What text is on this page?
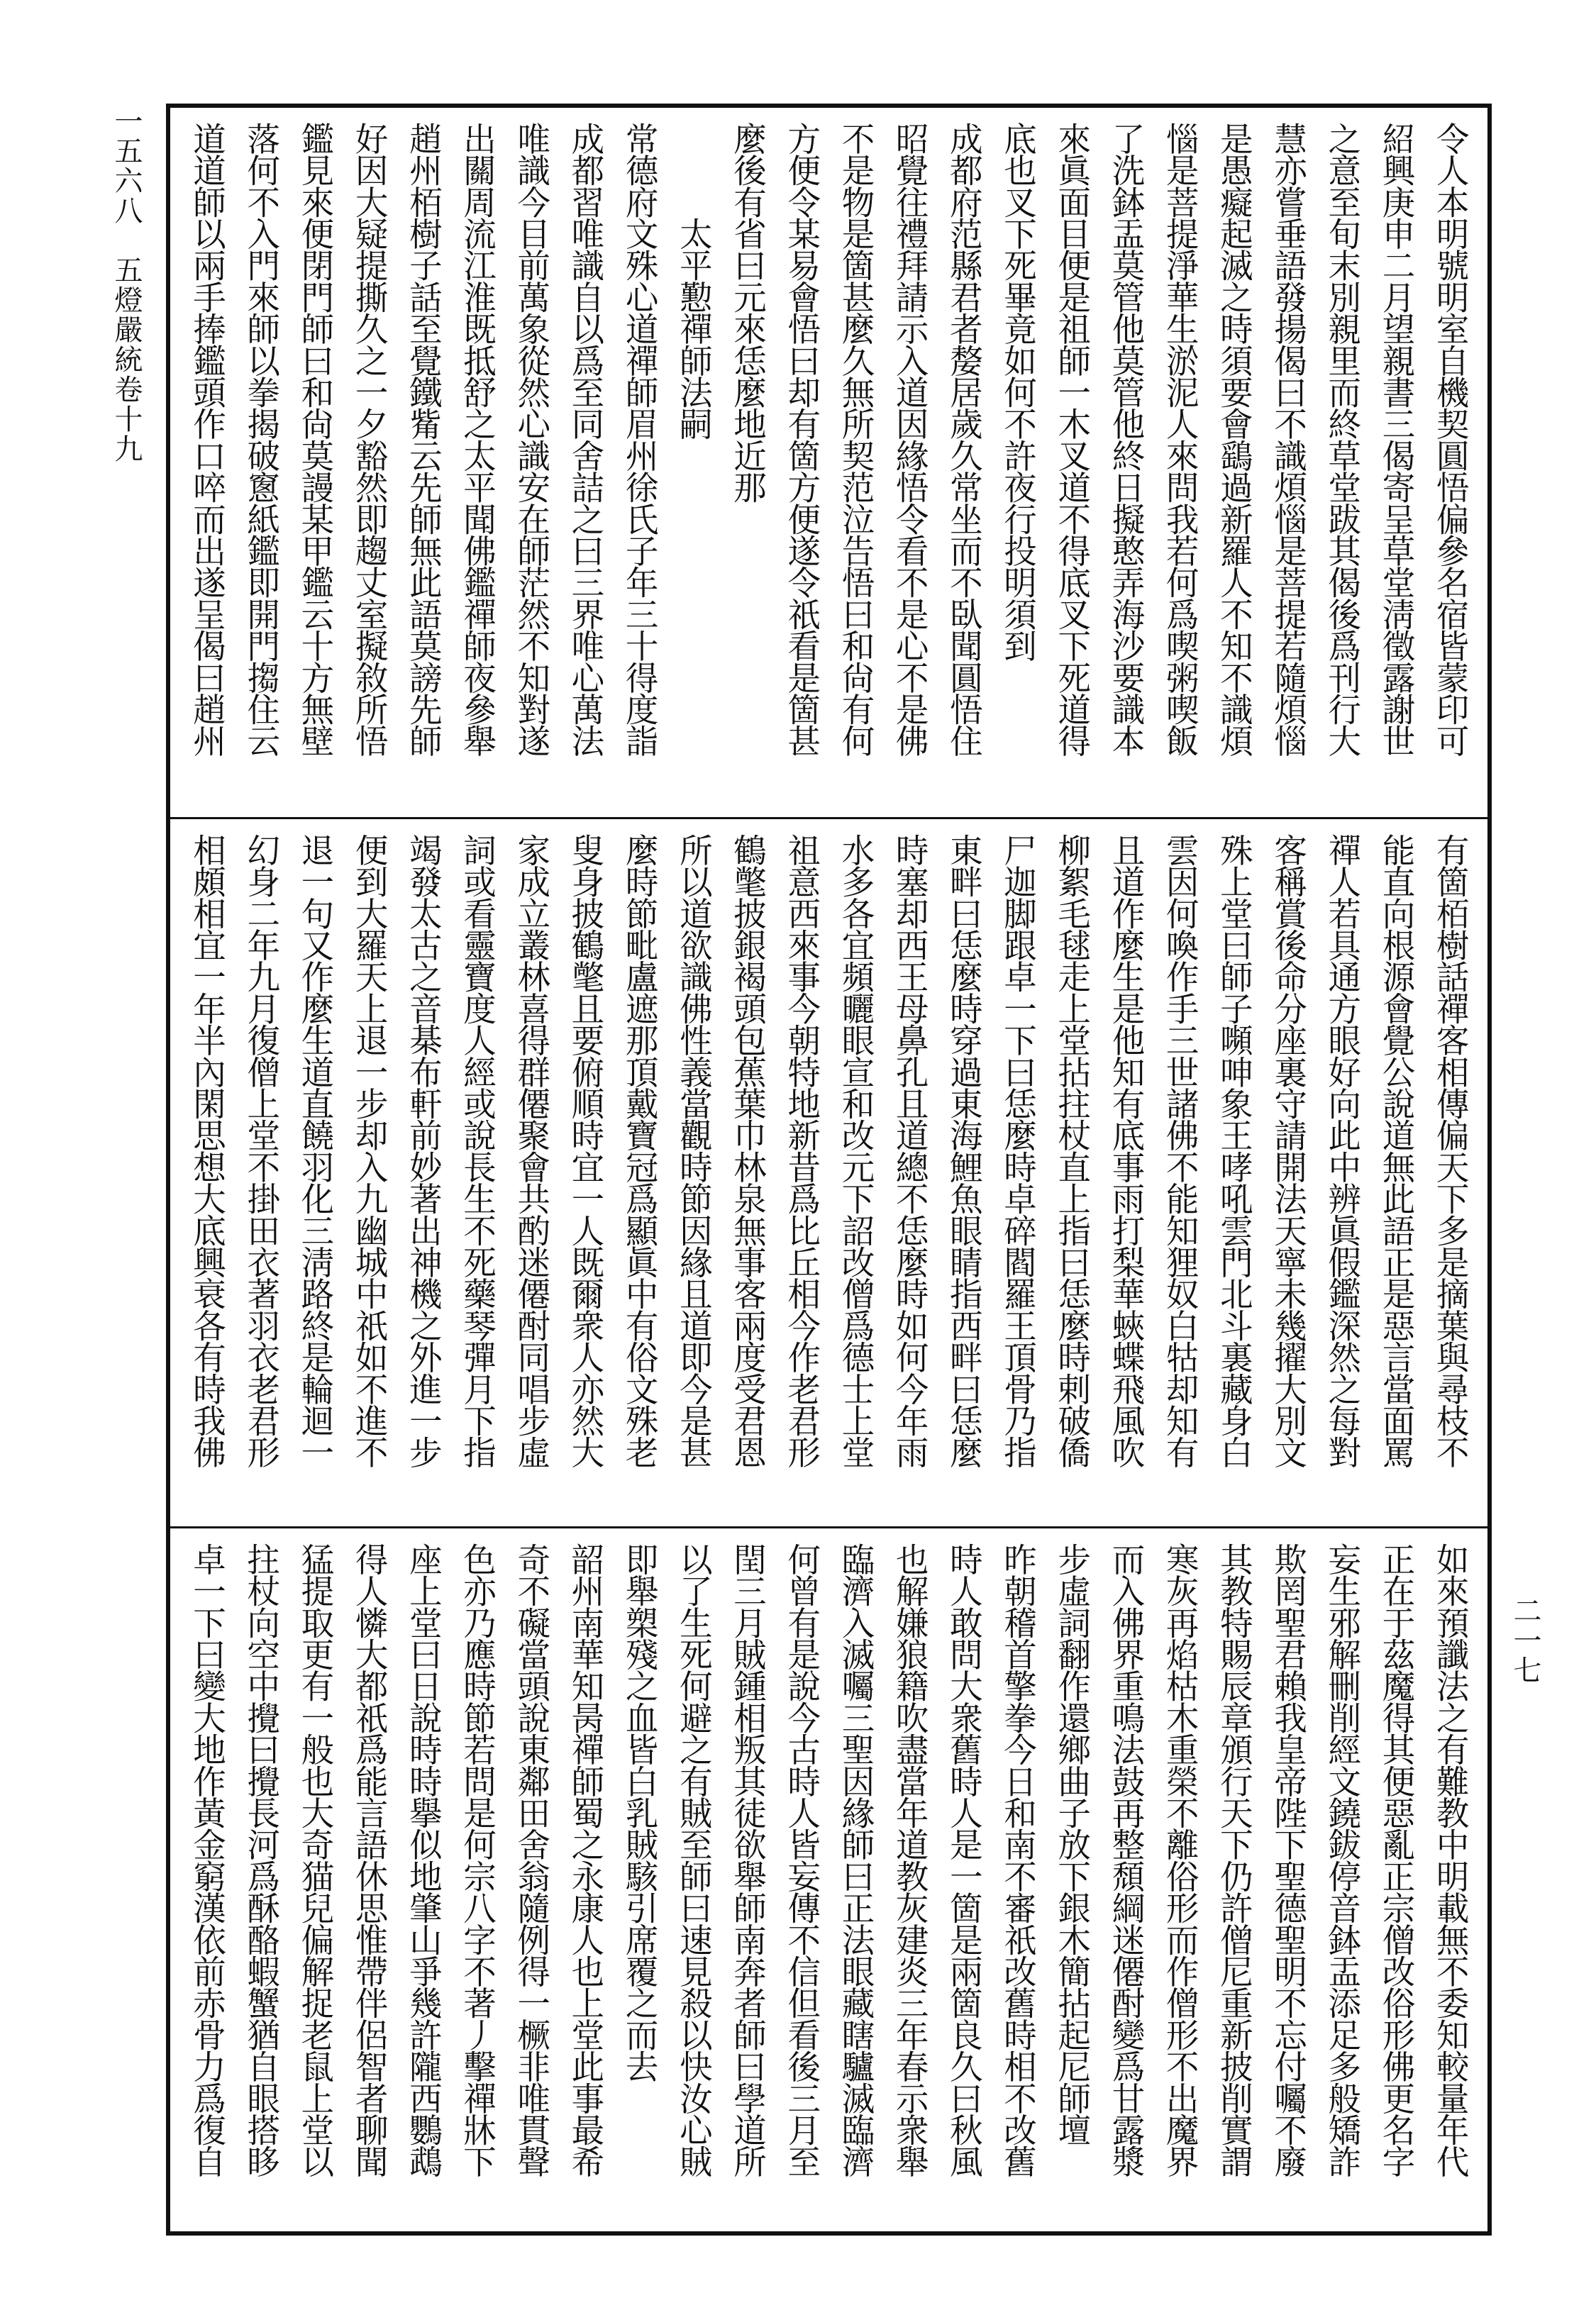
一五六八　五燈嚴統卷十九
二一七
令人本明號明室自機契圓悟偏參名宿皆蒙印可
紹興庚申二月望親書三偈寄呈草堂淸徵露謝世
之意至旬末別親里而終草堂跋其偈後爲刊行大
慧亦嘗垂語發揚偈曰不識煩惱是菩提若隨煩惱
是愚癡起滅之時須要會鷂過新羅人不知不識煩
惱是菩提淨華生淤泥人來問我若何爲喫粥喫飯
了洗鉢盂莫管他莫管他終日擬憨弄海沙要識本
來眞面目便是祖師一木叉道不得底叉下死道得
底也叉下死畢竟如何不許夜行投明須到
成都府范縣君者嫠居歲久常坐而不臥聞圓悟住
昭覺往禮拜請示入道因緣悟令看不是心不是佛
不是物是箇甚麼久無所契范泣告悟曰和尙有何
方便令某易會悟曰却有箇方便遂令祇看是箇甚
麼後有省曰元來恁麼地近那
　　　太平懃禪師法嗣
常德府文殊心道禪師眉州徐氏子年三十得度詣
成都習唯識自以爲至同舍詰之曰三界唯心萬法
唯識今目前萬象從然心識安在師茫然不知對遂
出關周流江淮既抵舒之太平聞佛鑑禪師夜參舉
趙州栢樹子話至覺鐵觜云先師無此語莫謗先師
好因大疑提撕久之一夕豁然即趨丈室擬敘所悟
鑑見來便閉門師曰和尙莫謾某甲鑑云十方無壁
落何不入門來師以拳揭破窻紙鑑即開門搊住云
道道師以兩手捧鑑頭作口啐而出遂呈偈曰趙州
有箇栢樹話禪客相傳偏天下多是摘葉與尋枝不
能直向根源會覺公說道無此語正是惡言當面罵
禪人若具通方眼好向此中辨眞假鑑深然之每對
客稱賞後命分座裏守請開法天寧未幾擢大別文
殊上堂曰師子嚬呻象王哮吼雲門北斗裏藏身白
雲因何喚作手三世諸佛不能知狸奴白牯却知有
且道作麼生是他知有底事雨打梨華蛺蝶飛風吹
柳絮毛毬走上堂拈拄杖直上指曰恁麼時剌破僑
尸迦脚跟卓一下曰恁麼時卓碎閻羅王頂骨乃指
東畔曰恁麼時穿過東海鯉魚眼睛指西畔曰恁麼
時塞却西王母鼻孔且道總不恁麼時如何今年雨
水多各宜頻曬眼宣和改元下詔改僧爲德士上堂
祖意西來事今朝特地新昔爲比丘相今作老君形
鶴氅披銀褐頭包蕉葉巾林泉無事客兩度受君恩
所以道欲識佛性義當觀時節因緣且道即今是甚
麼時節毗盧遮那頂戴寶冠爲顯眞中有俗文殊老
叟身披鶴氅且要俯順時宜一人既爾衆人亦然大
家成立叢林喜得群僊聚會共酌迷僊酎同唱步虛
詞或看靈寶度人經或說長生不死藥琴彈月下指
竭發太古之音棊布軒前妙著出神機之外進一步
便到大羅天上退一步却入九幽城中祇如不進不
退一句又作麼生道直饒羽化三淸路終是輪迴一
幻身二年九月復僧上堂不掛田衣著羽衣老君形
相頗相宜一年半內閑思想大底興衰各有時我佛
如來預讖法之有難教中明載無不委知較量年代
正在于茲魔得其便惡亂正宗僧改俗形佛更名字
妄生邪解刪削經文鐃鈸停音鉢盂添足多般矯詐
欺罔聖君賴我皇帝陛下聖德聖明不忘付囑不廢
其教特賜辰章頒行天下仍許僧尼重新披削實謂
寒灰再焰枯木重榮不離俗形而作僧形不出魔界
而入佛界重鳴法鼓再整頹綱迷僊酎變爲甘露漿
步虛詞翻作還鄉曲子放下銀木簡拈起尼師壇
昨朝稽首擎拳今日和南不審祇改舊時相不改舊
時人敢問大衆舊時人是一箇是兩箇良久曰秋風
也解嫌狼籍吹盡當年道教灰建炎三年春示衆舉
臨濟入滅囑三聖因緣師曰正法眼藏瞎驢滅臨濟
何曾有是說今古時人皆妄傳不信但看後三月至
閏三月賊鍾相叛其徒欲舉師南奔者師曰學道所
以了生死何避之有賊至師曰速見殺以快汝心賊
即舉槊殘之血皆白乳賊駭引席覆之而去
韶州南華知昺禪師蜀之永康人也上堂此事最希
奇不礙當頭說東鄰田舍翁隨例得一橛非唯貫聲
色亦乃應時節若問是何宗八字不著丿擊禪牀下
座上堂曰日說時時擧似地肇山爭幾許隴西鸚鵡
得人憐大都祇爲能言語休思惟帶伴侶智者聊聞
猛提取更有一般也大奇猫兒偏解捉老鼠上堂以
拄杖向空中攪曰攪長河爲酥酪蝦蟹猶自眼搭眵
卓一下曰變大地作黃金窮漢依前赤骨力爲復自
